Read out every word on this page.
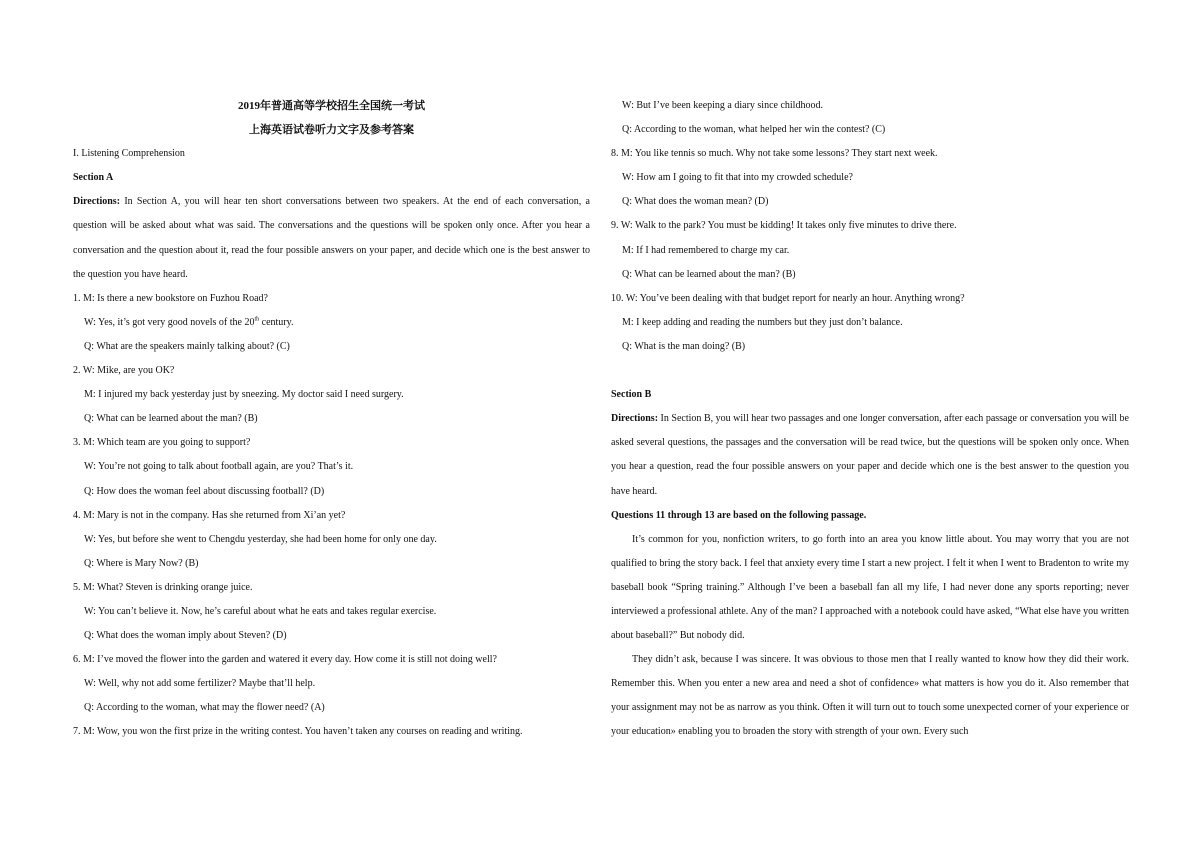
2019年普通高等学校招生全国统一考试
上海英语试卷听力文字及参考答案
I. Listening Comprehension
Section A
Directions: In Section A, you will hear ten short conversations between two speakers. At the end of each conversation, a question will be asked about what was said. The conversations and the questions will be spoken only once. After you hear a conversation and the question about it, read the four possible answers on your paper, and decide which one is the best answer to the question you have heard.
1. M: Is there a new bookstore on Fuzhou Road?
W: Yes, it’s got very good novels of the 20th century.
Q: What are the speakers mainly talking about? (C)
2. W: Mike, are you OK?
M: I injured my back yesterday just by sneezing. My doctor said I need surgery.
Q: What can be learned about the man? (B)
3. M: Which team are you going to support?
W: You’re not going to talk about football again, are you? That’s it.
Q: How does the woman feel about discussing football? (D)
4. M: Mary is not in the company. Has she returned from Xi’an yet?
W: Yes, but before she went to Chengdu yesterday, she had been home for only one day.
Q: Where is Mary Now? (B)
5. M: What? Steven is drinking orange juice.
W: You can’t believe it. Now, he’s careful about what he eats and takes regular exercise.
Q: What does the woman imply about Steven? (D)
6. M: I’ve moved the flower into the garden and watered it every day. How come it is still not doing well?
W: Well, why not add some fertilizer? Maybe that’ll help.
Q: According to the woman, what may the flower need? (A)
7. M: Wow, you won the first prize in the writing contest. You haven’t taken any courses on reading and writing.
W: But I’ve been keeping a diary since childhood.
Q: According to the woman, what helped her win the contest? (C)
8. M: You like tennis so much. Why not take some lessons? They start next week.
W: How am I going to fit that into my crowded schedule?
Q: What does the woman mean? (D)
9. W: Walk to the park? You must be kidding! It takes only five minutes to drive there.
M: If I had remembered to charge my car.
Q: What can be learned about the man? (B)
10. W: You’ve been dealing with that budget report for nearly an hour. Anything wrong?
M: I keep adding and reading the numbers but they just don’t balance.
Q: What is the man doing? (B)
Section B
Directions: In Section B, you will hear two passages and one longer conversation, after each passage or conversation you will be asked several questions, the passages and the conversation will be read twice, but the questions will be spoken only once. When you hear a question, read the four possible answers on your paper and decide which one is the best answer to the question you have heard.
Questions 11 through 13 are based on the following passage.
It’s common for you, nonfiction writers, to go forth into an area you know little about. You may worry that you are not qualified to bring the story back. I feel that anxiety every time I start a new project. I felt it when I went to Bradenton to write my baseball book “Spring training.” Although I’ve been a baseball fan all my life, I had never done any sports reporting; never interviewed a professional athlete. Any of the man? I approached with a notebook could have asked, “What else have you written about baseball?” But nobody did.
They didn’t ask, because I was sincere. It was obvious to those men that I really wanted to know how they did their work. Remember this. When you enter a new area and need a shot of confidence» what matters is how you do it. Also remember that your assignment may not be as narrow as you think. Often it will turn out to touch some unexpected corner of your experience or your education» enabling you to broaden the story with strength of your own. Every such
